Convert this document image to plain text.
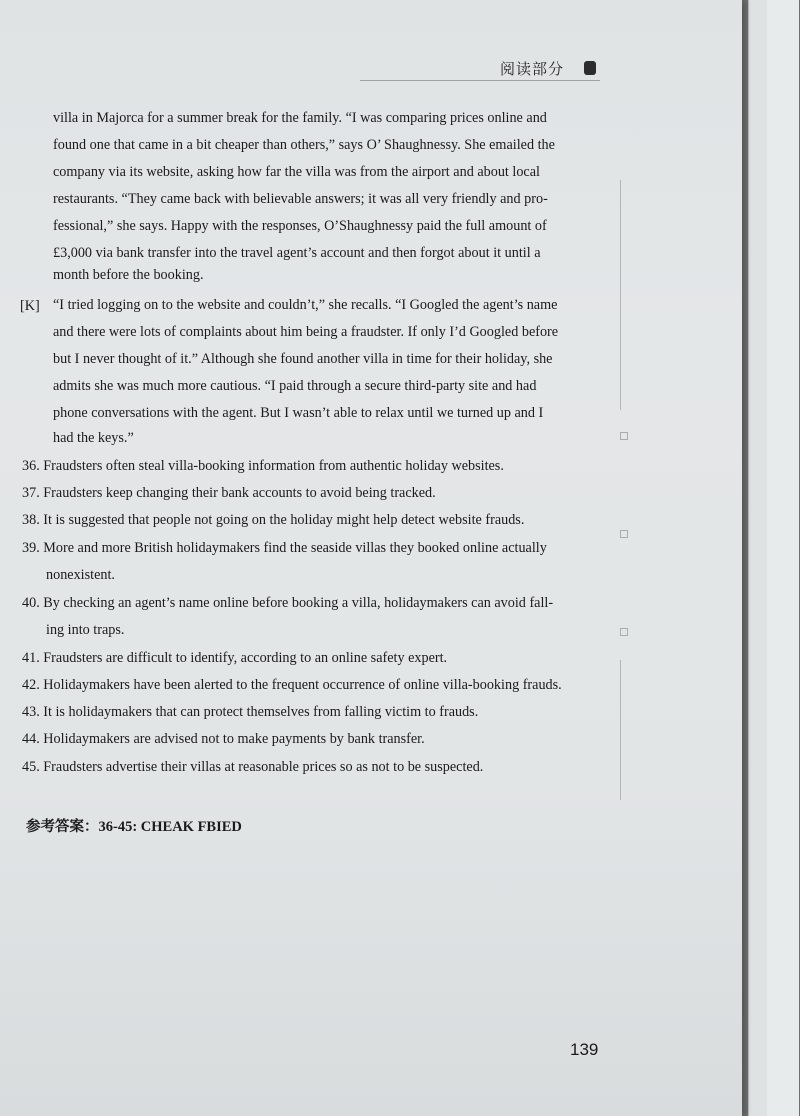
阅读部分
villa in Majorca for a summer break for the family. “I was comparing prices online and
found one that came in a bit cheaper than others,” says O’ Shaughnessy. She emailed the
company via its website, asking how far the villa was from the airport and about local
restaurants. “They came back with believable answers; it was all very friendly and pro-
fessional,” she says. Happy with the responses, O’Shaughnessy paid the full amount of
£3,000 via bank transfer into the travel agent’s account and then forgot about it until a
month before the booking.
[K] “I tried logging on to the website and couldn’t,” she recalls. “I Googled the agent’s name
and there were lots of complaints about him being a fraudster. If only I’d Googled before
but I never thought of it.” Although she found another villa in time for their holiday, she
admits she was much more cautious. “I paid through a secure third-party site and had
phone conversations with the agent. But I wasn’t able to relax until we turned up and I
had the keys.”
36. Fraudsters often steal villa-booking information from authentic holiday websites.
37. Fraudsters keep changing their bank accounts to avoid being tracked.
38. It is suggested that people not going on the holiday might help detect website frauds.
39. More and more British holidaymakers find the seaside villas they booked online actually
nonexistent.
40. By checking an agent’s name online before booking a villa, holidaymakers can avoid fall-
ing into traps.
41. Fraudsters are difficult to identify, according to an online safety expert.
42. Holidaymakers have been alerted to the frequent occurrence of online villa-booking frauds.
43. It is holidaymakers that can protect themselves from falling victim to frauds.
44. Holidaymakers are advised not to make payments by bank transfer.
45. Fraudsters advertise their villas at reasonable prices so as not to be suspected.
参考答案：36-45: CHEAK FBIED
139
